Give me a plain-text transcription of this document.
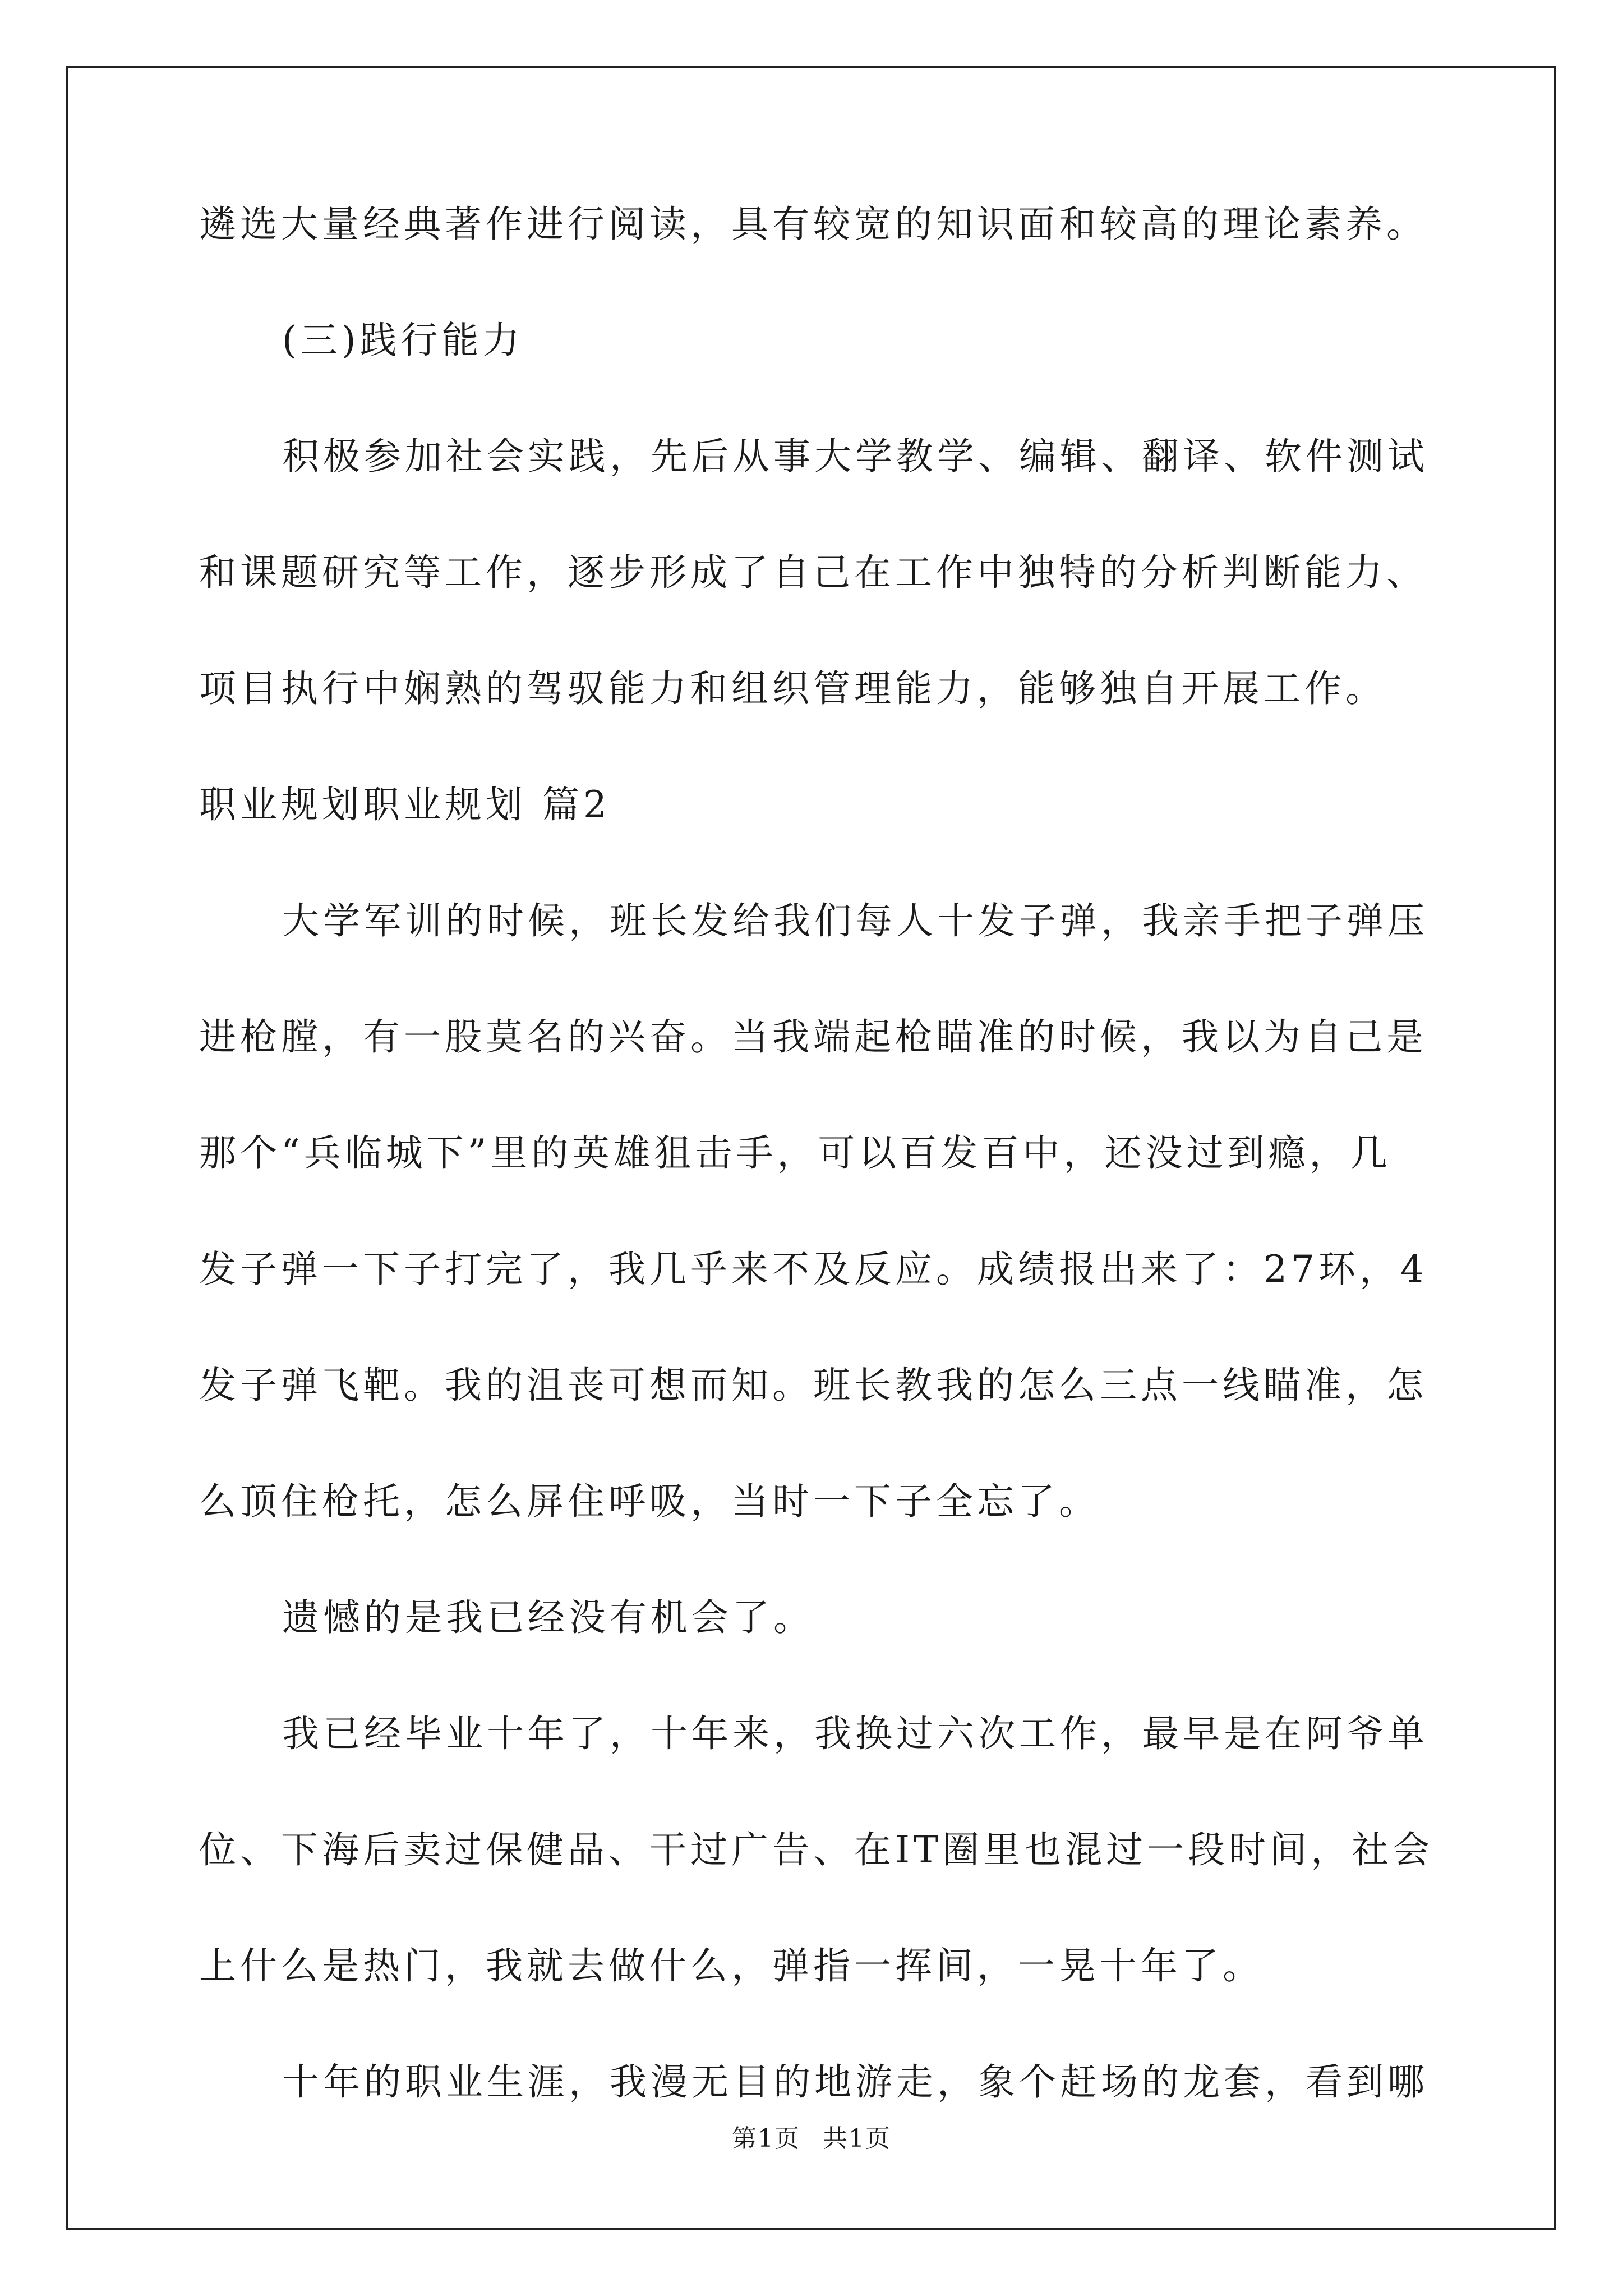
遴选大量经典著作进行阅读，具有较宽的知识面和较高的理论素养。

(三)践行能力

积极参加社会实践，先后从事大学教学、编辑、翻译、软件测试

和课题研究等工作，逐步形成了自己在工作中独特的分析判断能力、

项目执行中娴熟的驾驭能力和组织管理能力，能够独自开展工作。

职业规划职业规划 篇2

大学军训的时候，班长发给我们每人十发子弹，我亲手把子弹压

进枪膛，有一股莫名的兴奋。当我端起枪瞄准的时候，我以为自己是

那个“兵临城下”里的英雄狙击手，可以百发百中，还没过到瘾，几

发子弹一下子打完了，我几乎来不及反应。成绩报出来了：27环，4

发子弹飞靶。我的沮丧可想而知。班长教我的怎么三点一线瞄准，怎

么顶住枪托，怎么屏住呼吸，当时一下子全忘了。

遗憾的是我已经没有机会了。

我已经毕业十年了，十年来，我换过六次工作，最早是在阿爷单

位、下海后卖过保健品、干过广告、在IT圈里也混过一段时间，社会

上什么是热门，我就去做什么，弹指一挥间，一晃十年了。

十年的职业生涯，我漫无目的地游走，象个赶场的龙套，看到哪

第1页 共1页
